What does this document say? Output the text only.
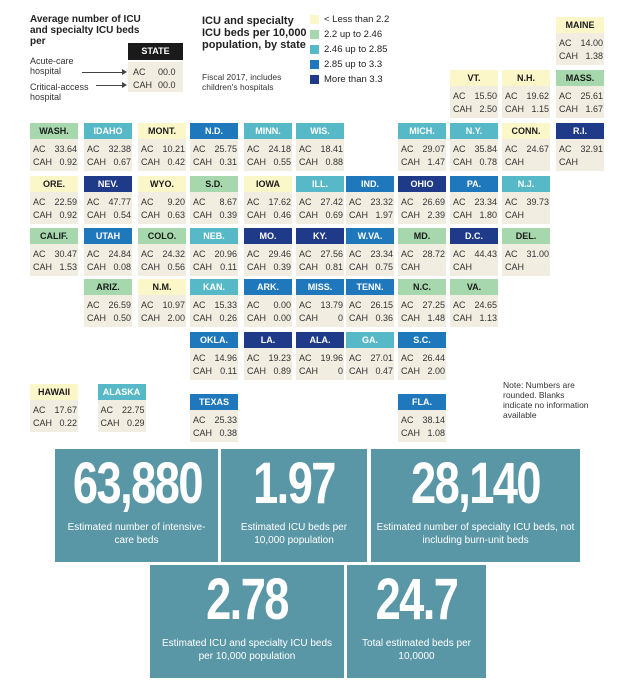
Average number of ICU and specialty ICU beds per
STATE
AC 00.0
CAH 00.0
Acute-care hospital
Critical-access hospital
ICU and specialty ICU beds per 10,000 population, by state
Fiscal 2017, includes children's hospitals
< Less than 2.2
2.2 up to 2.46
2.46 up to 2.85
2.85 up to 3.3
More than 3.3
MAINE
AC 14.00
CAH 1.38
VT.
AC 15.50
CAH 2.50
N.H.
AC 19.62
CAH 1.15
MASS.
AC 25.61
CAH 1.67
WASH.
AC 33.64
CAH 0.92
IDAHO
AC 32.38
CAH 0.67
MONT.
AC 10.21
CAH 0.42
N.D.
AC 25.75
CAH 0.31
MINN.
AC 24.18
CAH 0.55
WIS.
AC 18.41
CAH 0.88
MICH.
AC 29.07
CAH 1.47
N.Y.
AC 35.84
CAH 0.78
CONN.
AC 24.67
CAH
R.I.
AC 32.91
CAH
ORE.
AC 22.59
CAH 0.92
NEV.
AC 47.77
CAH 0.54
WYO.
AC 9.20
CAH 0.63
S.D.
AC 8.67
CAH 0.39
IOWA
AC 17.62
CAH 0.46
ILL.
AC 27.42
CAH 0.69
IND.
AC 23.32
CAH 1.97
OHIO
AC 26.69
CAH 2.39
PA.
AC 23.34
CAH 1.80
N.J.
AC 39.73
CAH
CALIF.
AC 30.47
CAH 1.53
UTAH
AC 24.84
CAH 0.08
COLO.
AC 24.32
CAH 0.56
NEB.
AC 20.96
CAH 0.11
MO.
AC 29.46
CAH 0.39
KY.
AC 27.56
CAH 0.81
W.VA.
AC 23.34
CAH 0.75
MD.
AC 28.72
CAH
D.C.
AC 44.43
CAH
DEL.
AC 31.00
CAH
ARIZ.
AC 26.59
CAH 0.50
N.M.
AC 10.97
CAH 2.00
KAN.
AC 15.33
CAH 0.26
ARK.
AC 0.00
CAH 0.00
MISS.
AC 13.79
CAH 0
TENN.
AC 26.15
CAH 0.36
N.C.
AC 27.25
CAH 1.48
VA.
AC 24.65
CAH 1.13
OKLA.
AC 14.96
CAH 0.11
LA.
AC 19.23
CAH 0.89
ALA.
AC 19.96
CAH 0
GA.
AC 27.01
CAH 0.47
S.C.
AC 26.44
CAH 2.00
HAWAII
AC 17.67
CAH 0.22
ALASKA
AC 22.75
CAH 0.29
TEXAS
AC 25.33
CAH 0.38
FLA.
AC 38.14
CAH 1.08
Note: Numbers are rounded. Blanks indicate no information available
63,880
Estimated number of intensive-care beds
1.97
Estimated ICU beds per 10,000 population
28,140
Estimated number of specialty ICU beds, not including burn-unit beds
2.78
Estimated ICU and specialty ICU beds per 10,000 population
24.7
Total estimated beds per 10,0000
